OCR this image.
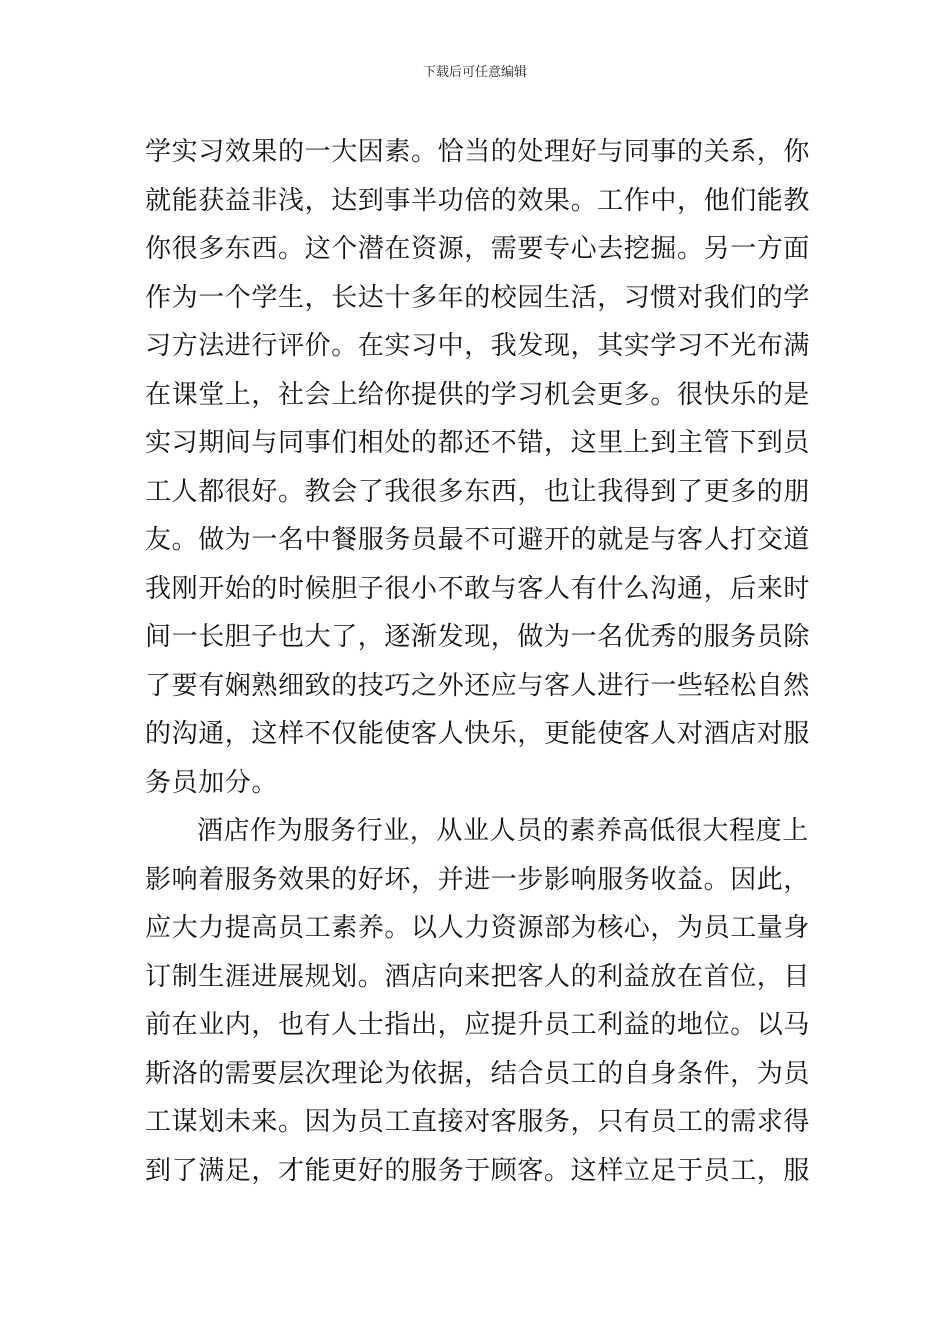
下载后可任意编辑
学实习效果的一大因素。恰当的处理好与同事的关系，你
就能获益非浅，达到事半功倍的效果。工作中，他们能教
你很多东西。这个潜在资源，需要专心去挖掘。另一方面
作为一个学生，长达十多年的校园生活，习惯对我们的学
习方法进行评价。在实习中，我发现，其实学习不光布满
在课堂上，社会上给你提供的学习机会更多。很快乐的是
实习期间与同事们相处的都还不错，这里上到主管下到员
工人都很好。教会了我很多东西，也让我得到了更多的朋
友。做为一名中餐服务员最不可避开的就是与客人打交道
我刚开始的时候胆子很小不敢与客人有什么沟通，后来时
间一长胆子也大了，逐渐发现，做为一名优秀的服务员除
了要有娴熟细致的技巧之外还应与客人进行一些轻松自然
的沟通，这样不仅能使客人快乐，更能使客人对酒店对服
务员加分。
酒店作为服务行业，从业人员的素养高低很大程度上
影响着服务效果的好坏，并进一步影响服务收益。因此，
应大力提高员工素养。以人力资源部为核心，为员工量身
订制生涯进展规划。酒店向来把客人的利益放在首位，目
前在业内，也有人士指出，应提升员工利益的地位。以马
斯洛的需要层次理论为依据，结合员工的自身条件，为员
工谋划未来。因为员工直接对客服务，只有员工的需求得
到了满足，才能更好的服务于顾客。这样立足于员工，服
